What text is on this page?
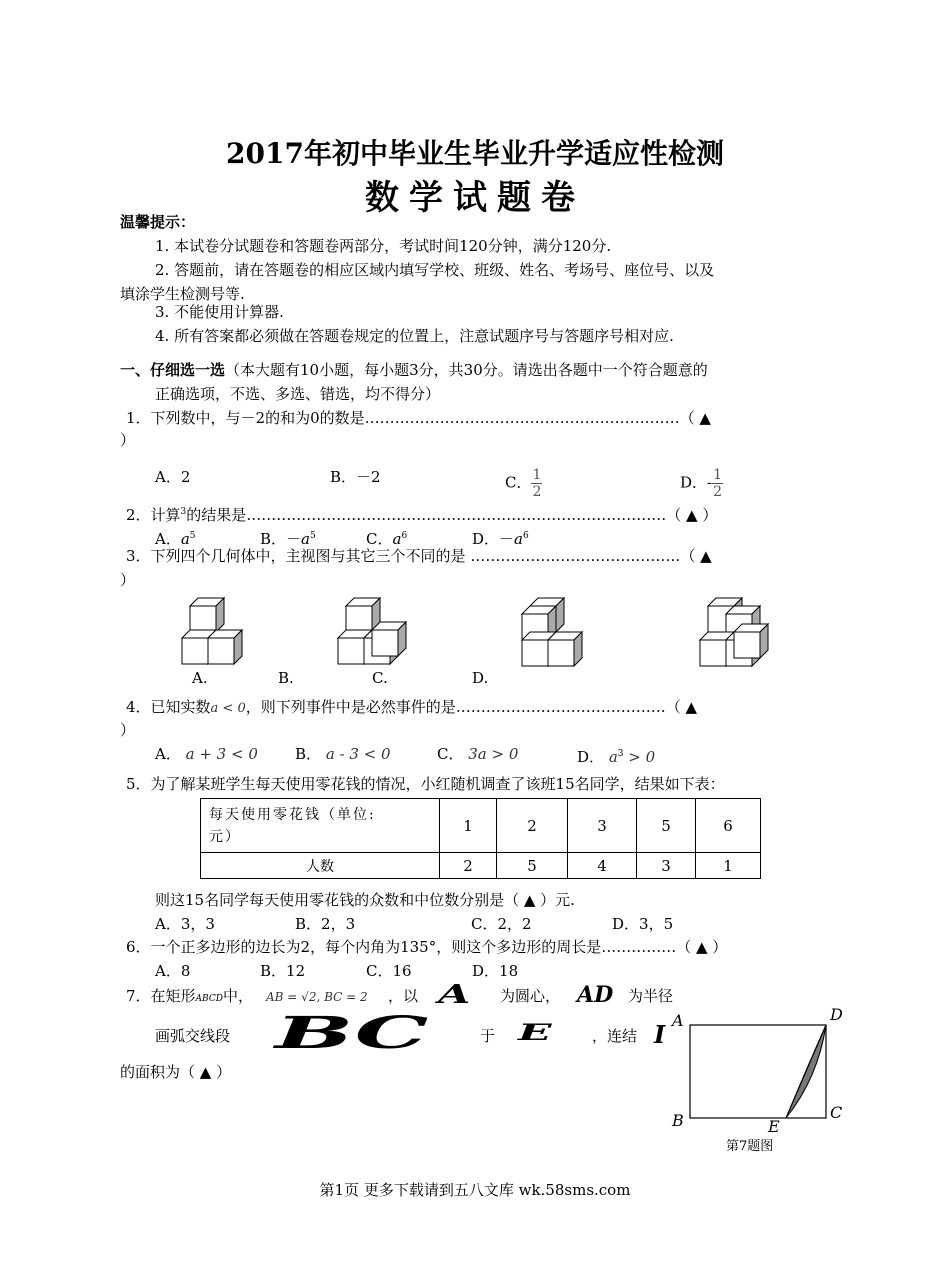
2017年初中毕业生毕业升学适应性检测
数学试题卷
温馨提示：
1. 本试卷分试题卷和答题卷两部分，考试时间120分钟，满分120分.
2. 答题前，请在答题卷的相应区域内填写学校、班级、姓名、考场号、座位号、以及
填涂学生检测号等.
3. 不能使用计算器.
4. 所有答案都必须做在答题卷规定的位置上，注意试题序号与答题序号相对应.
一、仔细选一选（本大题有10小题，每小题3分，共30分。请选出各题中一个符合题意的
正确选项，不选、多选、错选，均不得分）
1．下列数中，与－2的和为0的数是………………………………………………………（ ▲
）
A．2	B．－2	C． $\frac{1}{2}$	D．- $\frac{1}{2}$
2．计算$^3$的结果是…………………………………………………………………………（ ▲ ）
A．$a^5$	B．$-a^5$	C．$a^6$	D．$-a^6$
3．下列四个几何体中，主视图与其它三个不同的是 ……………………………………（ ▲
）
A.	B.	C.	D.
4．已知实数a < 0，则下列事件中是必然事件的是……………………………………（ ▲
）
A． a + 3 < 0 B． a - 3 < 0	C． 3a > 0	D． $a^3 > 0$
5．为了解某班学生每天使用零花钱的情况，小红随机调查了该班15名同学，结果如下表：
每天使用零花钱（单位:
元）	1	2	3	5	6
人数	2	5	4	3	1
则这15名同学每天使用零花钱的众数和中位数分别是（ ▲ ）元.
A．3，3	B．2，3	C．2，2	D．3，5
6．一个正多边形的边长为2，每个内角为135°，则这个多边形的周长是……………（ ▲ ）
A．8	B．12	C．16	D．18
7．在矩形ABCD中， AB = √2, BC = 2 ，以 A 为圆心， AD 为半径
画弧交线段 BC	于 E	，连结 I
的面积为（ ▲ ）
A
B	C
D
E
第7题图
第1页 更多下载请到五八文库 wk.58sms.com
